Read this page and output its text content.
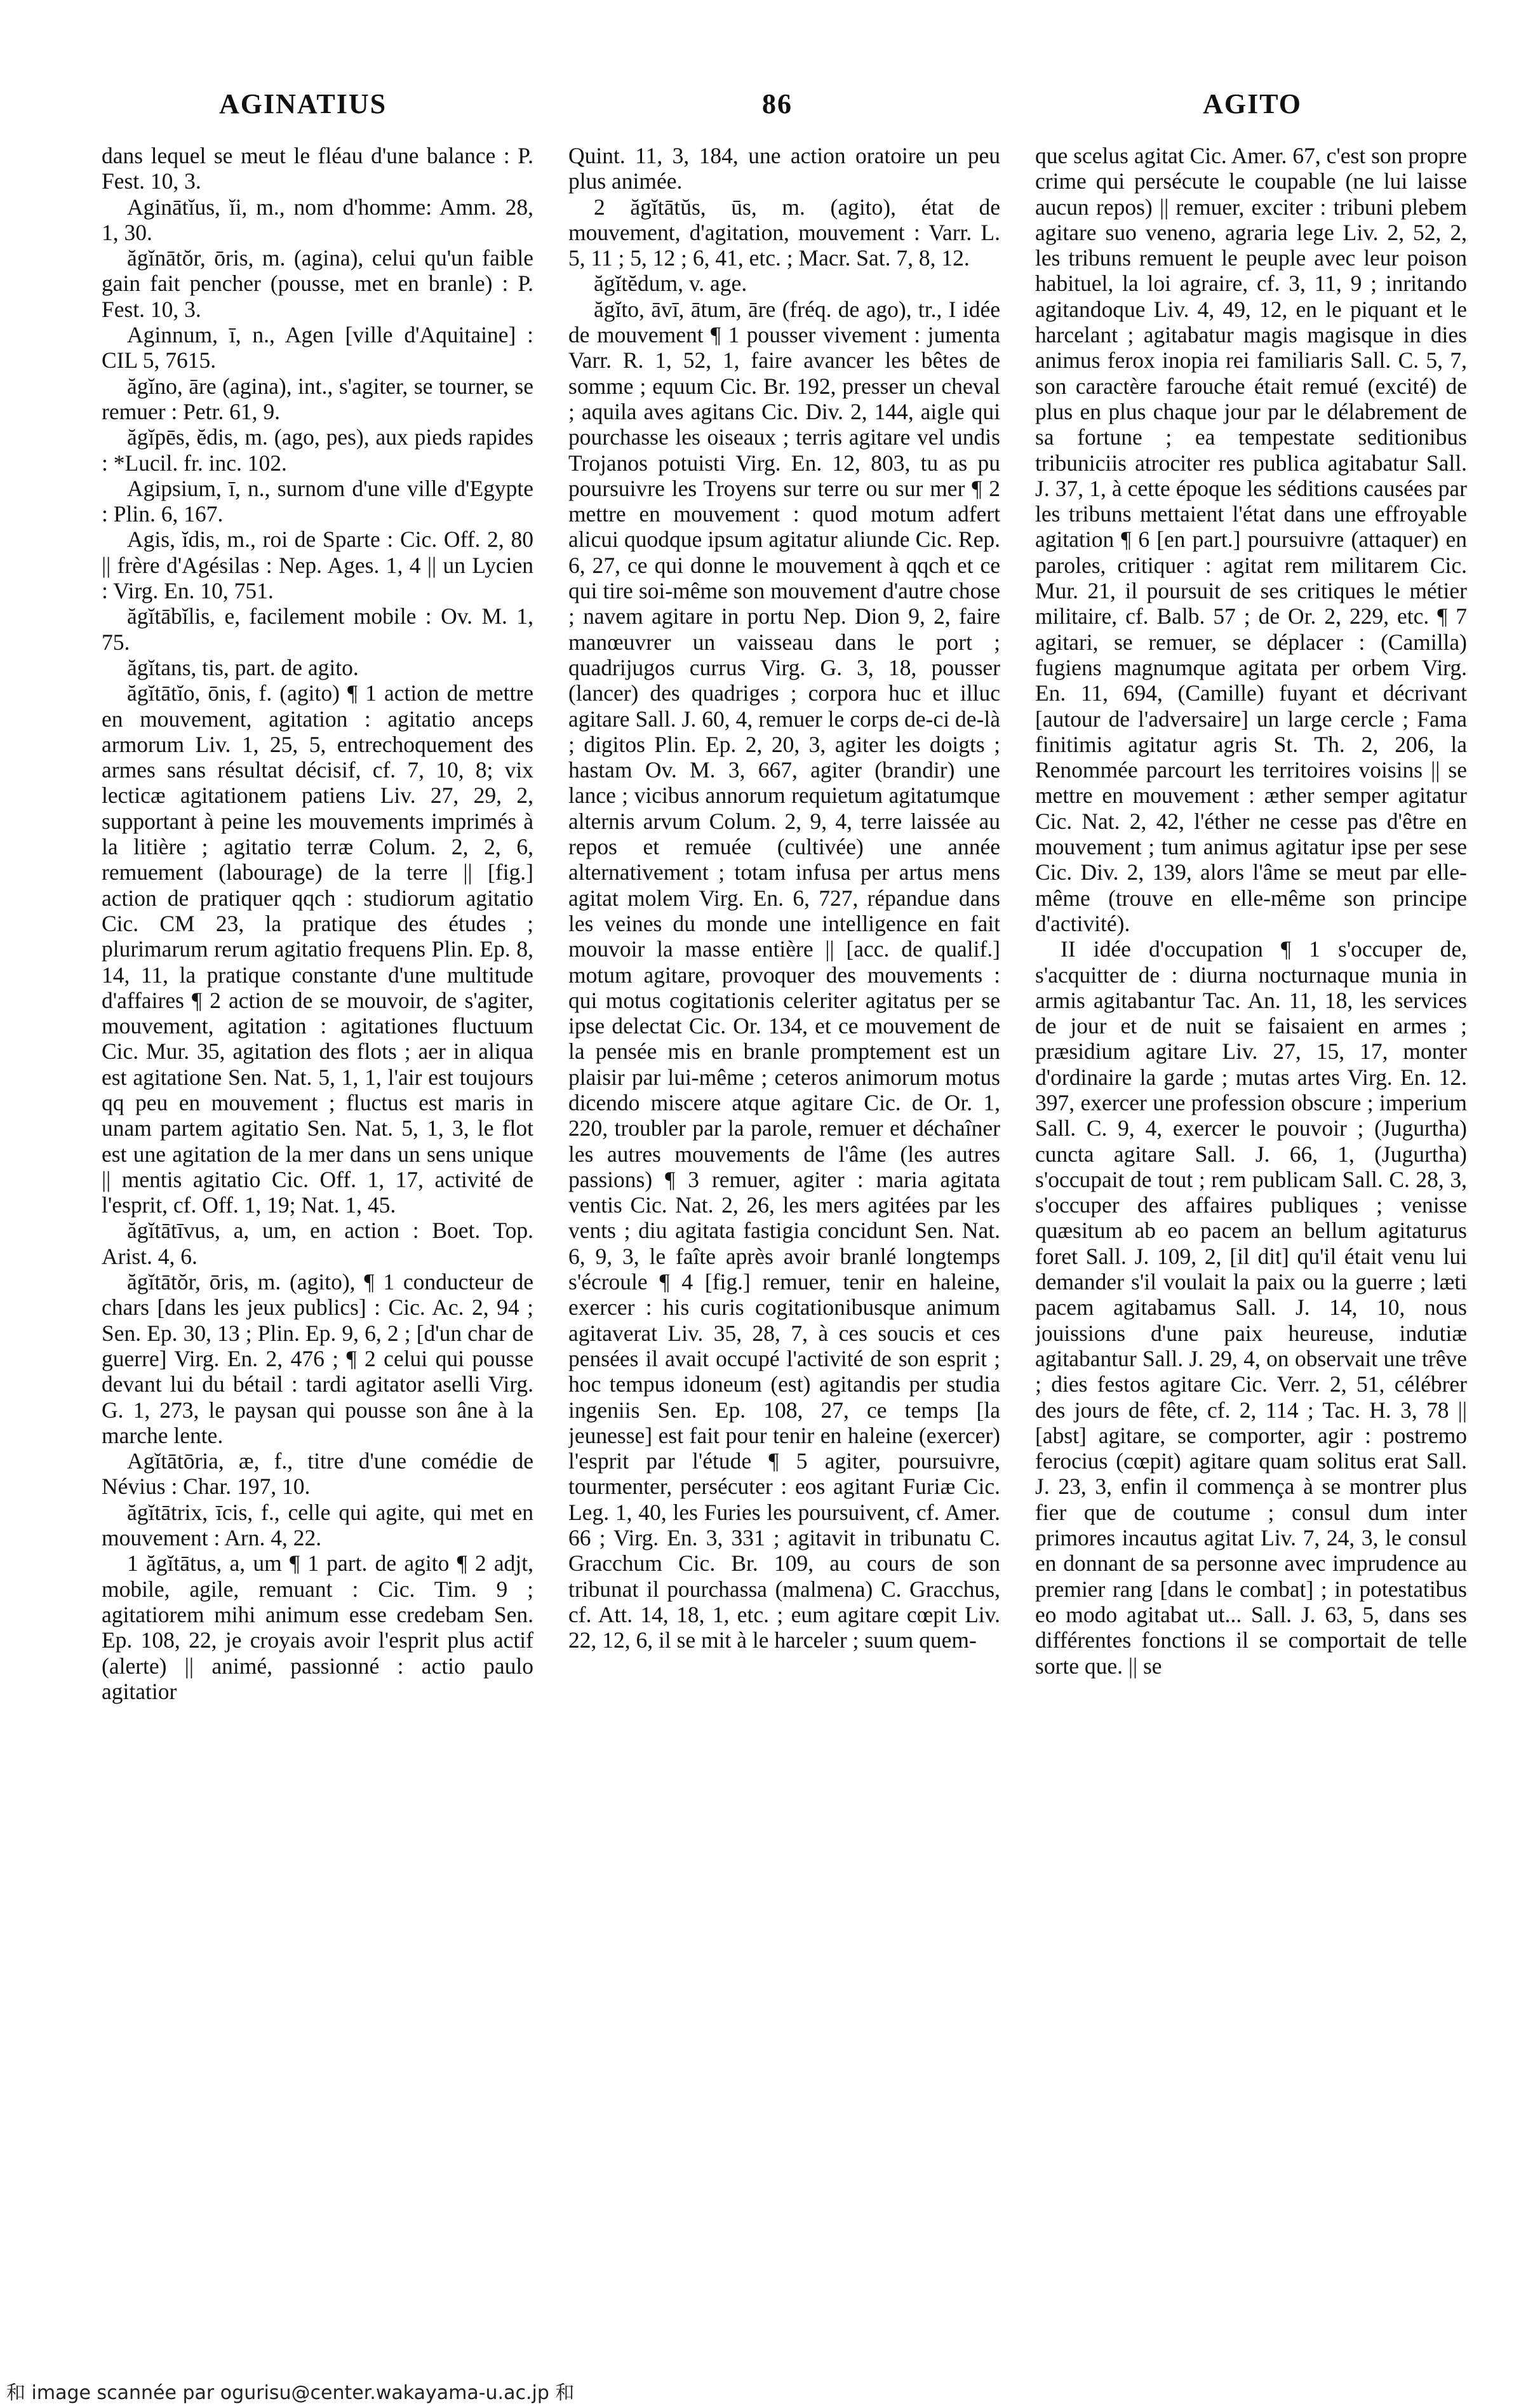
AGINATIUS	86	AGITO

dans lequel se meut le fléau d'une balance : P. Fest. 10, 3.

Aginātĭus, ĭi, m., nom d'homme: Amm. 28, 1, 30.

ăgĭnātŏr, ōris, m. (agina), celui qu'un faible gain fait pencher (pousse, met en branle) : P. Fest. 10, 3.

Aginnum, ī, n., Agen [ville d'Aquitaine] : CIL 5, 7615.

ăgĭno, āre (agina), int., s'agiter, se tourner, se remuer : Petr. 61, 9.

ăgĭpēs, ĕdis, m. (ago, pes), aux pieds rapides : *Lucil. fr. inc. 102.

Agipsium, ī, n., surnom d'une ville d'Egypte : Plin. 6, 167.

Agis, ĭdis, m., roi de Sparte : Cic. Off. 2, 80 || frère d'Agésilas : Nep. Ages. 1, 4 || un Lycien : Virg. En. 10, 751.

ăgĭtābĭlis, e, facilement mobile : Ov. M. 1, 75.

ăgĭtans, tis, part. de agito.

ăgĭtātĭo, ōnis, f. (agito) ¶ 1 action de mettre en mouvement, agitation : agitatio anceps armorum Liv. 1, 25, 5, entrechoquement des armes sans résultat décisif, cf. 7, 10, 8; vix lecticæ agitationem patiens Liv. 27, 29, 2, supportant à peine les mouvements imprimés à la litière ; agitatio terræ Colum. 2, 2, 6, remuement (labourage) de la terre || [fig.] action de pratiquer qqch : studiorum agitatio Cic. CM 23, la pratique des études ; plurimarum rerum agitatio frequens Plin. Ep. 8, 14, 11, la pratique constante d'une multitude d'affaires ¶ 2 action de se mouvoir, de s'agiter, mouvement, agitation : agitationes fluctuum Cic. Mur. 35, agitation des flots ; aer in aliqua est agitatione Sen. Nat. 5, 1, 1, l'air est toujours qq peu en mouvement ; fluctus est maris in unam partem agitatio Sen. Nat. 5, 1, 3, le flot est une agitation de la mer dans un sens unique || mentis agitatio Cic. Off. 1, 17, activité de l'esprit, cf. Off. 1, 19; Nat. 1, 45.

ăgĭtātīvus, a, um, en action : Boet. Top. Arist. 4, 6.

ăgĭtātŏr, ōris, m. (agito), ¶ 1 conducteur de chars [dans les jeux publics] : Cic. Ac. 2, 94 ; Sen. Ep. 30, 13 ; Plin. Ep. 9, 6, 2 ; [d'un char de guerre] Virg. En. 2, 476 ; ¶ 2 celui qui pousse devant lui du bétail : tardi agitator aselli Virg. G. 1, 273, le paysan qui pousse son âne à la marche lente.

Agĭtātōria, æ, f., titre d'une comédie de Névius : Char. 197, 10.

ăgĭtātrix, īcis, f., celle qui agite, qui met en mouvement : Arn. 4, 22.

1 ăgĭtātus, a, um ¶ 1 part. de agito ¶ 2 adjt, mobile, agile, remuant : Cic. Tim. 9 ; agitatiorem mihi animum esse credebam Sen. Ep. 108, 22, je croyais avoir l'esprit plus actif (alerte) || animé, passionné : actio paulo agitatior

Quint. 11, 3, 184, une action oratoire un peu plus animée.

2 ăgĭtātŭs, ūs, m. (agito), état de mouvement, d'agitation, mouvement : Varr. L. 5, 11 ; 5, 12 ; 6, 41, etc. ; Macr. Sat. 7, 8, 12.

ăgĭtĕdum, v. age.

ăgĭto, āvī, ātum, āre (fréq. de ago), tr., I idée de mouvement ¶ 1 pousser vivement : jumenta Varr. R. 1, 52, 1, faire avancer les bêtes de somme ; equum Cic. Br. 192, presser un cheval ; aquila aves agitans Cic. Div. 2, 144, aigle qui pourchasse les oiseaux ; terris agitare vel undis Trojanos potuisti Virg. En. 12, 803, tu as pu poursuivre les Troyens sur terre ou sur mer ¶ 2 mettre en mouvement : quod motum adfert alicui quodque ipsum agitatur aliunde Cic. Rep. 6, 27, ce qui donne le mouvement à qqch et ce qui tire soi-même son mouvement d'autre chose ; navem agitare in portu Nep. Dion 9, 2, faire manœuvrer un vaisseau dans le port ; quadrijugos currus Virg. G. 3, 18, pousser (lancer) des quadriges ; corpora huc et illuc agitare Sall. J. 60, 4, remuer le corps de-ci de-là ; digitos Plin. Ep. 2, 20, 3, agiter les doigts ; hastam Ov. M. 3, 667, agiter (brandir) une lance ; vicibus annorum requietum agitatumque alternis arvum Colum. 2, 9, 4, terre laissée au repos et remuée (cultivée) une année alternativement ; totam infusa per artus mens agitat molem Virg. En. 6, 727, répandue dans les veines du monde une intelligence en fait mouvoir la masse entière || [acc. de qualif.] motum agitare, provoquer des mouvements : qui motus cogitationis celeriter agitatus per se ipse delectat Cic. Or. 134, et ce mouvement de la pensée mis en branle promptement est un plaisir par lui-même ; ceteros animorum motus dicendo miscere atque agitare Cic. de Or. 1, 220, troubler par la parole, remuer et déchaîner les autres mouvements de l'âme (les autres passions) ¶ 3 remuer, agiter : maria agitata ventis Cic. Nat. 2, 26, les mers agitées par les vents ; diu agitata fastigia concidunt Sen. Nat. 6, 9, 3, le faîte après avoir branlé longtemps s'écroule ¶ 4 [fig.] remuer, tenir en haleine, exercer : his curis cogitationibusque animum agitaverat Liv. 35, 28, 7, à ces soucis et ces pensées il avait occupé l'activité de son esprit ; hoc tempus idoneum (est) agitandis per studia ingeniis Sen. Ep. 108, 27, ce temps [la jeunesse] est fait pour tenir en haleine (exercer) l'esprit par l'étude ¶ 5 agiter, poursuivre, tourmenter, persécuter : eos agitant Furiæ Cic. Leg. 1, 40, les Furies les poursuivent, cf. Amer. 66 ; Virg. En. 3, 331 ; agitavit in tribunatu C. Gracchum Cic. Br. 109, au cours de son tribunat il pourchassa (malmena) C. Gracchus, cf. Att. 14, 18, 1, etc. ; eum agitare cœpit Liv. 22, 12, 6, il se mit à le harceler ; suum quem-

que scelus agitat Cic. Amer. 67, c'est son propre crime qui persécute le coupable (ne lui laisse aucun repos) || remuer, exciter : tribuni plebem agitare suo veneno, agraria lege Liv. 2, 52, 2, les tribuns remuent le peuple avec leur poison habituel, la loi agraire, cf. 3, 11, 9 ; inritando agitandoque Liv. 4, 49, 12, en le piquant et le harcelant ; agitabatur magis magisque in dies animus ferox inopia rei familiaris Sall. C. 5, 7, son caractère farouche était remué (excité) de plus en plus chaque jour par le délabrement de sa fortune ; ea tempestate seditionibus tribuniciis atrociter res publica agitabatur Sall. J. 37, 1, à cette époque les séditions causées par les tribuns mettaient l'état dans une effroyable agitation ¶ 6 [en part.] poursuivre (attaquer) en paroles, critiquer : agitat rem militarem Cic. Mur. 21, il poursuit de ses critiques le métier militaire, cf. Balb. 57 ; de Or. 2, 229, etc. ¶ 7 agitari, se remuer, se déplacer : (Camilla) fugiens magnumque agitata per orbem Virg. En. 11, 694, (Camille) fuyant et décrivant [autour de l'adversaire] un large cercle ; Fama finitimis agitatur agris St. Th. 2, 206, la Renommée parcourt les territoires voisins || se mettre en mouvement : æther semper agitatur Cic. Nat. 2, 42, l'éther ne cesse pas d'être en mouvement ; tum animus agitatur ipse per sese Cic. Div. 2, 139, alors l'âme se meut par elle-même (trouve en elle-même son principe d'activité).

II idée d'occupation ¶ 1 s'occuper de, s'acquitter de : diurna nocturnaque munia in armis agitabantur Tac. An. 11, 18, les services de jour et de nuit se faisaient en armes ; præsidium agitare Liv. 27, 15, 17, monter d'ordinaire la garde ; mutas artes Virg. En. 12. 397, exercer une profession obscure ; imperium Sall. C. 9, 4, exercer le pouvoir ; (Jugurtha) cuncta agitare Sall. J. 66, 1, (Jugurtha) s'occupait de tout ; rem publicam Sall. C. 28, 3, s'occuper des affaires publiques ; venisse quæsitum ab eo pacem an bellum agitaturus foret Sall. J. 109, 2, [il dit] qu'il était venu lui demander s'il voulait la paix ou la guerre ; læti pacem agitabamus Sall. J. 14, 10, nous jouissions d'une paix heureuse, indutiæ agitabantur Sall. J. 29, 4, on observait une trêve ; dies festos agitare Cic. Verr. 2, 51, célébrer des jours de fête, cf. 2, 114 ; Tac. H. 3, 78 || [abst] agitare, se comporter, agir : postremo ferocius (cœpit) agitare quam solitus erat Sall. J. 23, 3, enfin il commença à se montrer plus fier que de coutume ; consul dum inter primores incautus agitat Liv. 7, 24, 3, le consul en donnant de sa personne avec imprudence au premier rang [dans le combat] ; in potestatibus eo modo agitabat ut... Sall. J. 63, 5, dans ses différentes fonctions il se comportait de telle sorte que. || se

和 image scannée par ogurisu@center.wakayama-u.ac.jp 和
